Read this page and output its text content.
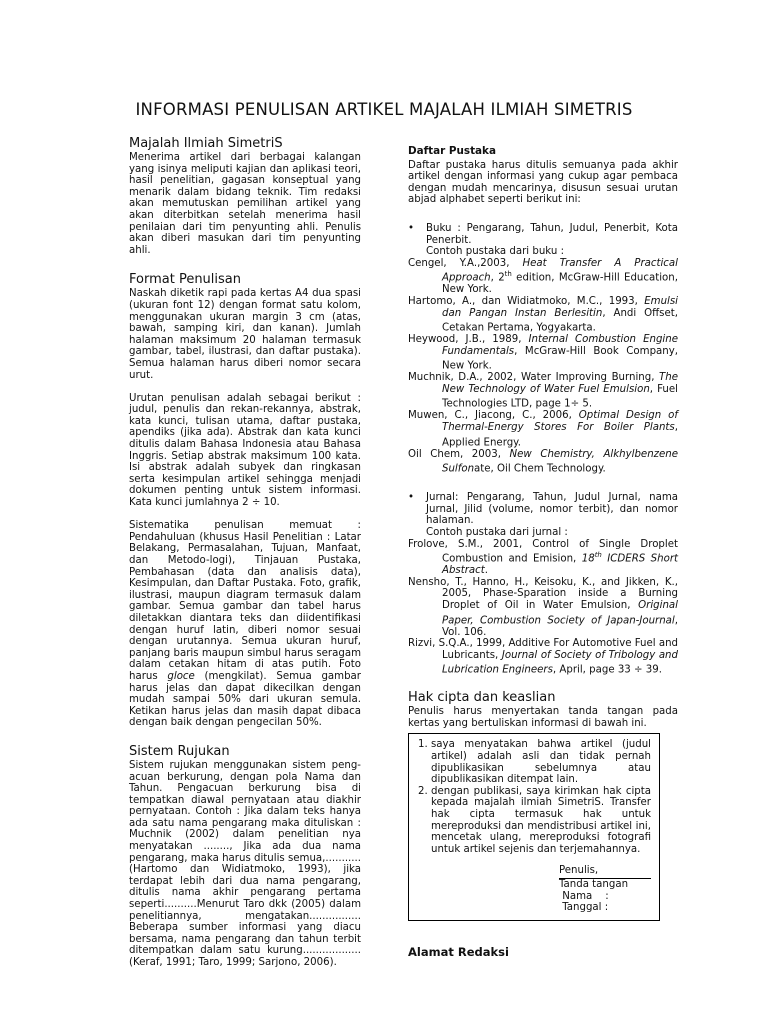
INFORMASI PENULISAN ARTIKEL MAJALAH ILMIAH SIMETRIS
Majalah Ilmiah SimetriS

Menerima artikel dari berbagai kalangan yang isinya meliputi kajian dan aplikasi teori, hasil penelitian, gagasan konseptual yang menarik dalam bidang teknik. Tim redaksi akan memutuskan pemilihan artikel yang akan diterbitkan setelah menerima hasil penilaian dari tim penyunting ahli. Penulis akan diberi masukan dari tim penyunting ahli.

Format Penulisan

Naskah diketik rapi pada kertas A4 dua spasi (ukuran font 12) dengan format satu kolom, menggunakan ukuran margin 3 cm (atas, bawah, samping kiri, dan kanan). Jumlah halaman maksimum 20 halaman termasuk gambar, tabel, ilustrasi, dan daftar pustaka). Semua halaman harus diberi nomor secara urut.

Urutan penulisan adalah sebagai berikut : judul, penulis dan rekan-rekannya, abstrak, kata kunci, tulisan utama, daftar pustaka, apendiks (jika ada). Abstrak dan kata kunci ditulis dalam Bahasa Indonesia atau Bahasa Inggris. Setiap abstrak maksimum 100 kata. Isi abstrak adalah subyek dan ringkasan serta kesimpulan artikel sehingga menjadi dokumen penting untuk sistem informasi. Kata kunci jumlahnya 2 ÷ 10.

Sistematika penulisan memuat : Pendahuluan (khusus Hasil Penelitian : Latar Belakang, Permasalahan, Tujuan, Manfaat, dan Metodo-logi), Tinjauan Pustaka, Pembahasan (data dan analisis data), Kesimpulan, dan Daftar Pustaka. Foto, grafik, ilustrasi, maupun diagram termasuk dalam gambar. Semua gambar dan tabel harus diletakkan diantara teks dan diidentifikasi dengan huruf latin, diberi nomor sesuai dengan urutannya. Semua ukuran huruf, panjang baris maupun simbul harus seragam dalam cetakan hitam di atas putih. Foto harus gloce (mengkilat). Semua gambar harus jelas dan dapat dikecilkan dengan mudah sampai 50% dari ukuran semula. Ketikan harus jelas dan masih dapat dibaca dengan baik dengan pengecilan 50%.

Sistem Rujukan

Sistem rujukan menggunakan sistem peng-acuan berkurung, dengan pola Nama dan Tahun. Pengacuan berkurung bisa di tempatkan diawal pernyataan atau diakhir pernyataan. Contoh : Jika dalam teks hanya ada satu nama pengarang maka dituliskan : Muchnik (2002) dalam penelitian nya menyatakan ........, Jika ada dua nama pengarang, maka harus ditulis semua,........... (Hartomo dan Widiatmoko, 1993), jika terdapat lebih dari dua nama pengarang, ditulis nama akhir pengarang pertama seperti..........Menurut Taro dkk (2005) dalam penelitiannya, mengatakan................ Beberapa sumber informasi yang diacu bersama, nama pengarang dan tahun terbit ditempatkan dalam satu kurung.................. (Keraf, 1991; Taro, 1999; Sarjono, 2006).

Daftar Pustaka

Daftar pustaka harus ditulis semuanya pada akhir artikel dengan informasi yang cukup agar pembaca dengan mudah mencarinya, disusun sesuai urutan abjad alphabet seperti berikut ini:

•	Buku : Pengarang, Tahun, Judul, Penerbit, Kota Penerbit.
Contoh pustaka dari buku :

Cengel, Y.A.,2003, Heat Transfer A Practical Approach, 2th edition, McGraw-Hill Education, New York.

Hartomo, A., dan Widiatmoko, M.C., 1993, Emulsi dan Pangan Instan Berlesitin, Andi Offset, Cetakan Pertama, Yogyakarta.

Heywood, J.B., 1989, Internal Combustion Engine Fundamentals, McGraw-Hill Book Company, New York.

Muchnik, D.A., 2002, Water Improving Burning, The New Technology of Water Fuel Emulsion, Fuel Technologies LTD, page 1÷ 5.

Muwen, C., Jiacong, C., 2006, Optimal Design of Thermal-Energy Stores For Boiler Plants, Applied Energy.

Oil Chem, 2003, New Chemistry, Alkhylbenzene Sulfonate, Oil Chem Technology.

•	Jurnal: Pengarang, Tahun, Judul Jurnal, nama Jurnal, Jilid (volume, nomor terbit), dan nomor halaman.
Contoh pustaka dari jurnal :

Frolove, S.M., 2001, Control of Single Droplet Combustion and Emision, 18th ICDERS Short Abstract.

Nensho, T., Hanno, H., Keisoku, K., and Jikken, K., 2005, Phase-Sparation inside a Burning Droplet of Oil in Water Emulsion, Original Paper, Combustion Society of Japan-Journal, Vol. 106.

Rizvi, S.Q.A., 1999, Additive For Automotive Fuel and Lubricants, Journal of Society of Tribology and Lubrication Engineers, April, page 33 ÷ 39.

Hak cipta dan keaslian

Penulis harus menyertakan tanda tangan pada kertas yang bertuliskan informasi di bawah ini.

1. saya menyatakan bahwa artikel (judul artikel) adalah asli dan tidak pernah dipublikasikan sebelumnya atau dipublikasikan ditempat lain.
2. dengan publikasi, saya kirimkan hak cipta kepada majalah ilmiah SimetriS. Transfer hak cipta termasuk hak untuk mereproduksi dan mendistribusi artikel ini, mencetak ulang, mereproduksi fotografi untuk artikel sejenis dan terjemahannya.
Penulis,
Tanda tangan
Nama    :
Tanggal :
Alamat Redaksi
